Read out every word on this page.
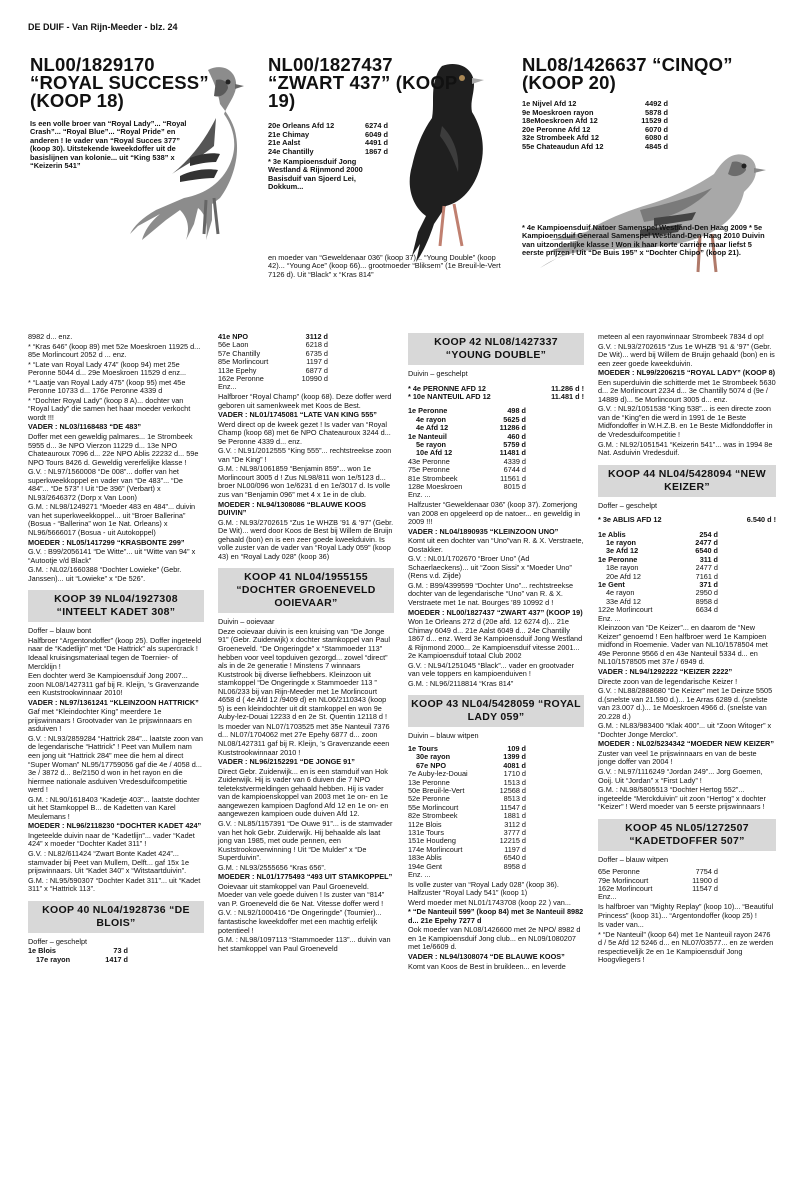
DE DUIF - Van Rijn-Meeder - blz. 24
NL00/1829170 “ROYAL SUCCESS” (KOOP 18)
Is een volle broer van “Royal Lady”... “Royal Crash”... “Royal Blue”... “Royal Pride” en anderen ! Ie vader van “Royal Succes 377” (koop 30). Uitstekende kweekdoffer uit de basislijnen van kolonie... uit “King 538” x “Keizerin 541”
NL00/1827437 “ZWART 437” (KOOP 19)
20e Orleans Afd 12	6274 d
21e Chimay	6049 d
21e Aalst	4491 d
24e Chantilly	1867 d
* 3e Kampioensduif Jong Westland & Rijnmond 2000 Basisduif van Sjoerd Lei, Dokkum...
en moeder van “Geweldenaar 036” (koop 37)... “Young Double” (koop 42)... “Young Ace” (koop 66)... grootmoeder “Bliksem” (1e Breuil-le-Vert 7126 d). Uit “Black” x “Kras 814”
NL08/1426637 “CINQO” (KOOP 20)
1e Nijvel Afd 12	4492 d
9e Moeskroen rayon	5878 d
18eMoeskroen Afd 12	11529 d
20e Peronne Afd 12	6070 d
32e Strombeek Afd 12	6080 d
55e Chateaudun Afd 12	4845 d
* 4e Kampioensduif Natoer Samenspel Westland-Den Haag 2009 * 5e Kampioensduif Generaal Samenspel Westland-Den Haag 2010 Duivin van uitzonderlijke klasse ! Won ik haar korte carrière maar liefst 5 eerste prijzen ! Uit “De Buis 195” x “Dochter Chipo” (koop 21).

8982 d... enz.

* “Kras 646” (koop 89) met 52e Moeskroen 11925 d... 85e Morlincourt 2052 d ... enz.

* “Late van Royal Lady 474” (koop 94) met 25e Peronne 5044 d... 29e Moeskroen 11529 d enz...

* “Laatje van Royal Lady 475” (koop 95) met 45e Peronne 10733 d... 176e Peronne 4339 d

* “Dochter Royal Lady” (koop 8 A)... dochter van “Royal Lady” die samen het haar moeder verkocht wordt !!!

VADER : NL03/1168483 “DE 483”

Doffer met een geweldig palmares... 1e Strombeek 5955 d... 3e NPO Vierzon 11229 d... 13e NPO Chateauroux 7096 d... 22e NPO Ablis 22232 d... 59e NPO Tours 8426 d. Geweldig vererfelijke klasse !

G.V. : NL97/1560008 “De 008”... doffer van het superkweekkoppel en vader van “De 483”... “De 484”... “De 573” ! Uit “De 396” (Verbart) x NL93/2646372 (Dorp x Van Loon)

G.M. : NL98/1249271 “Moeder 483 en 484”... duivin van het superkweekkoppel... uit “Broer Ballerina” (Bosua - “Ballerina” won 1e Nat. Orleans) x NL96/5666017 (Bosua - uit Autokoppel)

MOEDER : NL05/1417299 “KRASBONTE 299”

G.V. : B99/2056141 “De Witte”... uit “Witte van 94” x “Autootje v/d Black”

G.M. : NL02/1660388 “Dochter Lowieke” (Gebr. Janssen)... uit “Lowieke” x “De 526”.

KOOP 39 NL04/1927308 “INTEELT KADET 308”

Doffer – blauw bont

Halfbroer “Argentondoffer” (koop 25). Doffer ingeteeld naar de “Kadetlijn” met “De Hattrick” als supercrack ! Ideaal kruisingsmateriaal tegen de Toernier- of Mercklijn !

Een dochter werd 3e Kampioensduif Jong 2007... zoon NL08/1427311 gaf bij R. Kleijn, ’s Gravenzande een Kuststrookwinnaar 2010!

VADER : NL97/1361241 “KLEINZOON HATTRICK”

Gaf met “Kleindochter King” meerdere 1e prijswinnaars ! Grootvader van 1e prijswinnaars en asduiven !

G.V. : NL93/2859284 “Hattrick 284”... laatste zoon van de legendarische “Hattrick” ! Peet van Mullem nam een jong uit “Hattrick 284” mee die hem al direct “Super Woman” NL95/17759056 gaf die 4e / 4058 d... 3e / 3872 d... 8e/2150 d won in het rayon en die hiermee nationale asduiven Vredesduifcompetitie werd !

G.M. : NL90/1618403 “Kadetje 403”... laatste dochter uit het Stamkoppel B... de Kadetten van Karel Meulemans !

MOEDER : NL96/2118230 “DOCHTER KADET 424”

Ingeteelde duivin naar de “Kadetlijn”... vader “Kadet 424” x moeder “Dochter Kadet 311” !

G.V. : NL82/611424 “Zwart Bonte Kadet 424”... stamvader bij Peet van Mullem, Delft... gaf 15x 1e prijswinnaars. Uit “Kadet 340” x “Witstaartduivin”.

G.M. : NL95/590307 “Dochter Kadet 311”... uit “Kadet 311” x “Hattrick 113”.

KOOP 40 NL04/1928736 “DE BLOIS”

Doffer – geschelpt

1e Blois	73 d
17e rayon	1417 d
41e NPO	3112 d
56e Laon	6218 d
57e Chantilly	6735 d
85e Morlincourt	1197 d
113e Epehy	6877 d
162e Peronne	10990 d

Enz...

Halfbroer “Royal Champ” (koop 68). Deze doffer werd geboren uit samenkweek met Koos de Best.

VADER : NL01/1745081 “LATE VAN KING 555”

Werd direct op de kweek gezet ! Is vader van “Royal Champ (koop 68) met 6e NPO Chateauroux 3244 d... 9e Peronne 4339 d... enz.

G.V. : NL91/2012555 “King 555”... rechtstreekse zoon van “De King” !

G.M. : NL98/1061859 “Benjamin 859”... won 1e Morlincourt 3005 d ! Zus NL98/811 won 1e/5123 d... broer NL00/096 won 1e/6231 d en 1e/3017 d. Is volle zus van “Benjamin 096” met 4 x 1e in de club.

MOEDER : NL94/1308086 “BLAUWE KOOS DUIVIN”

G.M. : NL93/2702615 “Zus 1e WHZB ’91 & ’97” (Gebr. De Wit)... werd door Koos de Best bij Willem de Bruijn gehaald (bon) en is een zeer goede kweekduivin. Is volle zuster van de vader van “Royal Lady 059” (koop 43) en “Royal Lady 028” (koop 36)

KOOP 41 NL04/1955155 “DOCHTER GROENEVELD OOIEVAAR”

Duivin – ooievaar

Deze ooievaar duivin is een kruising van “De Jonge 91” (Gebr. Zuiderwijk) x dochter stamkoppel van Paul Groeneveld. “De Ongeringde” x “Stammoeder 113” hebben voor veel topduiven gezorgd... zowel “direct” als in de 2e generatie ! Minstens 7 winnaars Kuststrook bij diverse liefhebbers. Kleinzoon uit stamkoppel “De Ongeringde x Stammoeder 113 ” NL06/233 bij van Rijn-Meeder met 1e Morlincourt 4658 d ( 4e Afd 12 /9409 d) en NL06/2110343 (koop 5) is een kleindochter uit dit stamkoppel en won 9e Auby-lez-Douai 12233 d en 2e St. Quentin 12118 d !

Is moeder van NL07/1703525 met 35e Nanteuil 7376 d... NL07/1704062 met 27e Epehy 6877 d... zoon NL08/1427311 gaf bij R. Kleijn, ’s Gravenzande eeen Kuststrookwinnaar 2010 !

VADER : NL96/2152291 “DE JONGE 91”

Direct Gebr. Zuiderwijk... en is een stamduif van Hok Zuiderwijk. Hij is vader van 6 duiven die 7 NPO teletekstvermeldingen gehaald hebben. Hij is vader van de kampioenskoppel van 2003 met 1e on- en 1e aangewezen kampioen Dagfond Afd 12 en 1e on- en aangewezen kampioen oude duiven Afd 12.

G.V. : NL85/1157391 “De Ouwe 91”... is de stamvader van het hok Gebr. Zuiderwijk. Hij behaalde als laat jong van 1985, met oude pennen, een Kuststrookoverwinning ! Uit “De Mulder” x “De Superduivin”.

G.M. : NL93/2555656 “Kras 656”.

MOEDER : NL01/1775493 “493 UIT STAMKOPPEL”

Ooievaar uit stamkoppel van Paul Groeneveld. Moeder van vele goede duiven ! Is zuster van “814” van P. Groeneveld die 6e Nat. Vitesse doffer werd !

G.V. : NL92/1000416 “De Ongeringde” (Tournier)... fantastische kweekdoffer met een machtig erfelijk potentieel !

G.M. : NL98/1097113 “Stammoeder 113”... duivin van het stamkoppel van Paul Groeneveld

KOOP 42 NL08/1427337 “YOUNG DOUBLE”

Duivin – geschelpt

* 4e PERONNE AFD 12	11.286 d !
* 10e NANTEUIL AFD 12	11.481 d !
1e Peronne	498 d
4e rayon	5625 d
4e Afd 12	11286 d
1e Nanteuil	460 d
5e rayon	5759 d
10e Afd 12	11481 d
43e Peronne	4339 d
75e Peronne	6744 d
81e Strombeek	11561 d
128e Moeskroen	8015 d

Enz. ...

Halfzuster “Geweldenaar 036” (koop 37). Zomerjong van 2008 en opgeleerd op de natoer... en geweldig in 2009 !!!

VADER : NL04/1890935 “KLEINZOON UNO”

Komt uit een dochter van “Uno”van R. & X. Verstraete, Oostakker.

G.V. : NL01/1702670 “Broer Uno” (Ad Schaerlaeckens)... uit “Zoon Sissi” x “Moeder Uno” (Rens v.d. Zijde)

G.M. : B99/4399599 “Dochter Uno”... rechtstreekse dochter van de legendarische “Uno” van R. & X. Verstraete met 1e nat. Bourges ’89 10992 d !

MOEDER : NL00/1827437 “ZWART 437” (KOOP 19)

Won 1e Orleans 272 d (20e afd. 12 6274 d)... 21e Chimay 6049 d... 21e Aalst 6049 d... 24e Chantilly 1867 d... enz. Werd 3e Kampioensduif Jong Westland & Rijnmond 2000... 2e Kampioensduif vitesse 2001... 2e Kampioensduif totaal Club 2002

G.V. : NL94/1251045 “Black”... vader en grootvader van vele toppers en kampioenduiven !

G.M. : NL96/2118814 “Kras 814”

KOOP 43 NL04/5428059 “ROYAL LADY 059”

Duivin – blauw witpen

1e Tours	109 d
30e rayon	1399 d
67e NPO	4081 d
7e Auby-lez-Douai	1710 d
13e Peronne	1513 d
50e Breuil-le-Vert	12568 d
52e Peronne	8513 d
55e Morlincourt	11547 d
82e Strombeek	1881 d
112e Blois	3112 d
131e Tours	3777 d
151e Houdeng	12215 d
174e Morlincourt	1197 d
183e Ablis	6540 d
194e Gent	8958 d

Enz. ...

Is volle zuster van “Royal Lady 028” (koop 36). Halfzuster “Royal Lady 541” (koop 1)

Werd moeder met NL01/1743708 (koop 22 ) van...

* “De Nanteuil 599” (koop 84) met 3e Nanteuil 8982 d... 21e Epehy 7277 d

Ook moeder van NL08/1426600 met 2e NPO/ 8982 d en 1e Kampioensduif Jong club... en NL09/1080207 met 1e/6609 d.

VADER : NL94/1308074 “DE BLAUWE KOOS”

Komt van Koos de Best in bruikleen... en leverde

meteen al een rayonwinnaar Strombeek 7834 d op!

G.V. : NL93/2702615 “Zus 1e WHZB ’91 & ’97” (Gebr. De Wit)... werd bij Willem de Bruijn gehaald (bon) en is een zeer goede kweekduivin.

MOEDER : NL99/2206215 “ROYAL LADY” (KOOP 8)

Een superduivin die schitterde met 1e Strombeek 5630 d... 2e Morlincourt 2234 d... 3e Chantilly 5074 d (9e / 14889 d)... 5e Morlincourt 3005 d... enz.

G.V. : NL92/1051538 “King 538”... is een directe zoon van de “King”en die werd in 1991 de 1e Beste Midfondoffer in W.H.Z.B. en 1e Beste Midfonddoffer in de Vredesduifcompetitie !

G.M. : NL92/1051541 “Keizerin 541”... was in 1994 8e Nat. Asduivin Vredesduif.

KOOP 44 NL04/5428094 “NEW KEIZER”

Doffer – geschelpt

* 3e ABLIS AFD 12	6.540 d !
1e Ablis	254 d
1e rayon	2477 d
3e Afd 12	6540 d
1e Peronne	311 d
18e rayon	2477 d
20e Afd 12	7161 d
1e Gent	371 d
4e rayon	2950 d
33e Afd 12	8958 d
122e Morlincourt	6634 d

Enz. ...

Kleinzoon van “De Keizer”... en daarom de “New Keizer” genoemd ! Een halfbroer werd 1e Kampioen midfond in Roemenie. Vader van NL10/1578504 met 49e Peronne 9566 d en 43e Nanteuil 5334 d... en NL10/1578505 met 37e / 6949 d.

VADER : NL94/1292222 “KEIZER 2222”

Directe zoon van de legendarische Keizer !

G.V. : NL88/2888680 “De Keizer” met 1e Deinze 5505 d.(snelste van 21.590 d.)... 1e Arras 6289 d. (snelste van 23.007 d.)... 1e Moeskroen 4966 d. (snelste van 20.228 d.)

G.M. : NL83/983400 “Klak 400”... uit “Zoon Witoger” x “Dochter Jonge Merckx”.

MOEDER : NL02/5234342 “MOEDER NEW KEIZER”

Zuster van veel 1e prijswinnaars en van de beste jonge doffer van 2004 !

G.V. : NL97/1116249 “Jordan 249”... Jorg Goemen, Ooij. Uit “Jordan” x “First Lady” !

G.M. : NL98/5805513 “Dochter Hertog 552”... ingeteelde “Merckduivin” uit zoon “Hertog” x dochter “Keizer” ! Werd moeder van 5 eerste prijswinnaars !

KOOP 45 NL05/1272507 “KADETDOFFER 507”

Doffer – blauw witpen

65e Peronne	7754 d
79e Morlincourt	11900 d
162e Morlincourt	11547 d

Enz...

Is halfbroer van “Mighty Replay” (koop 10)... “Beautiful Princess” (koop 31)... “Argentondoffer (koop 25) !

Is vader van...

* “De Nanteuil” (koop 64) met 1e Nanteuil rayon 2476 d / 5e Afd 12 5246 d... en NL07/03577... en ze werden respectievelijk 2e en 1e Kampioensduif Jong Hoogvliegers !
